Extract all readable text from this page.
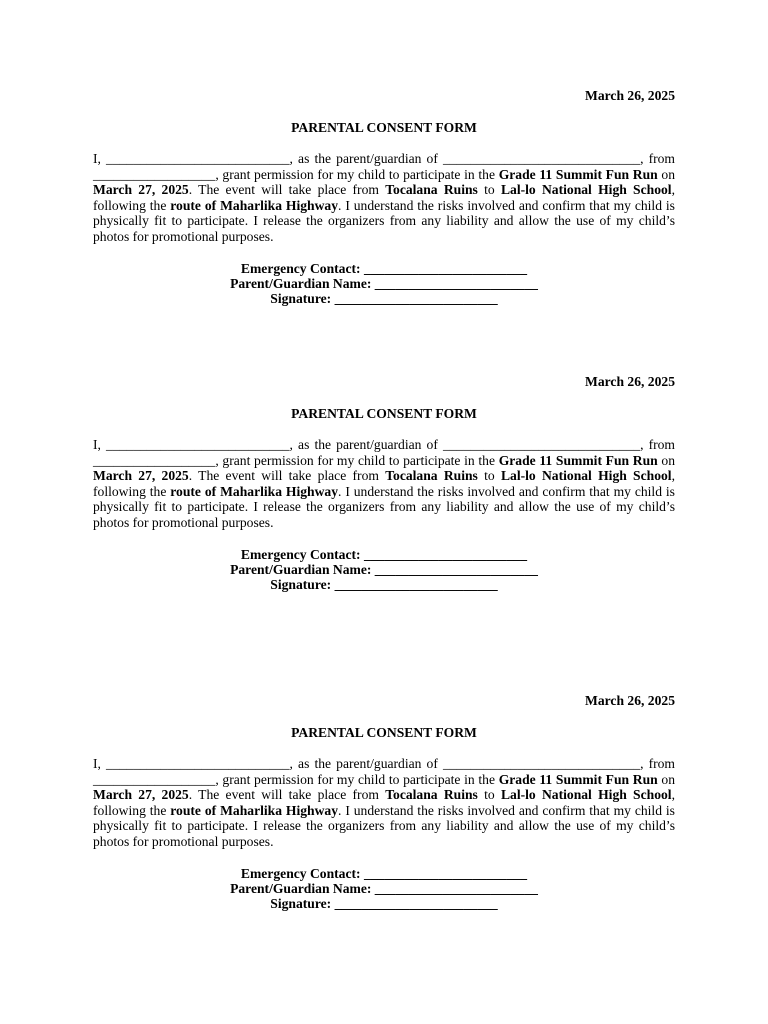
March 26, 2025
PARENTAL CONSENT FORM
I, ___________________________, as the parent/guardian of _____________________________, from __________________, grant permission for my child to participate in the Grade 11 Summit Fun Run on March 27, 2025. The event will take place from Tocalana Ruins to Lal-lo National High School, following the route of Maharlika Highway. I understand the risks involved and confirm that my child is physically fit to participate. I release the organizers from any liability and allow the use of my child’s photos for promotional purposes.
Emergency Contact: ________________________
Parent/Guardian Name: ________________________
Signature: ________________________
March 26, 2025
PARENTAL CONSENT FORM
I, ___________________________, as the parent/guardian of _____________________________, from __________________, grant permission for my child to participate in the Grade 11 Summit Fun Run on March 27, 2025. The event will take place from Tocalana Ruins to Lal-lo National High School, following the route of Maharlika Highway. I understand the risks involved and confirm that my child is physically fit to participate. I release the organizers from any liability and allow the use of my child’s photos for promotional purposes.
Emergency Contact: ________________________
Parent/Guardian Name: ________________________
Signature: ________________________
March 26, 2025
PARENTAL CONSENT FORM
I, ___________________________, as the parent/guardian of _____________________________, from __________________, grant permission for my child to participate in the Grade 11 Summit Fun Run on March 27, 2025. The event will take place from Tocalana Ruins to Lal-lo National High School, following the route of Maharlika Highway. I understand the risks involved and confirm that my child is physically fit to participate. I release the organizers from any liability and allow the use of my child’s photos for promotional purposes.
Emergency Contact: ________________________
Parent/Guardian Name: ________________________
Signature: ________________________
